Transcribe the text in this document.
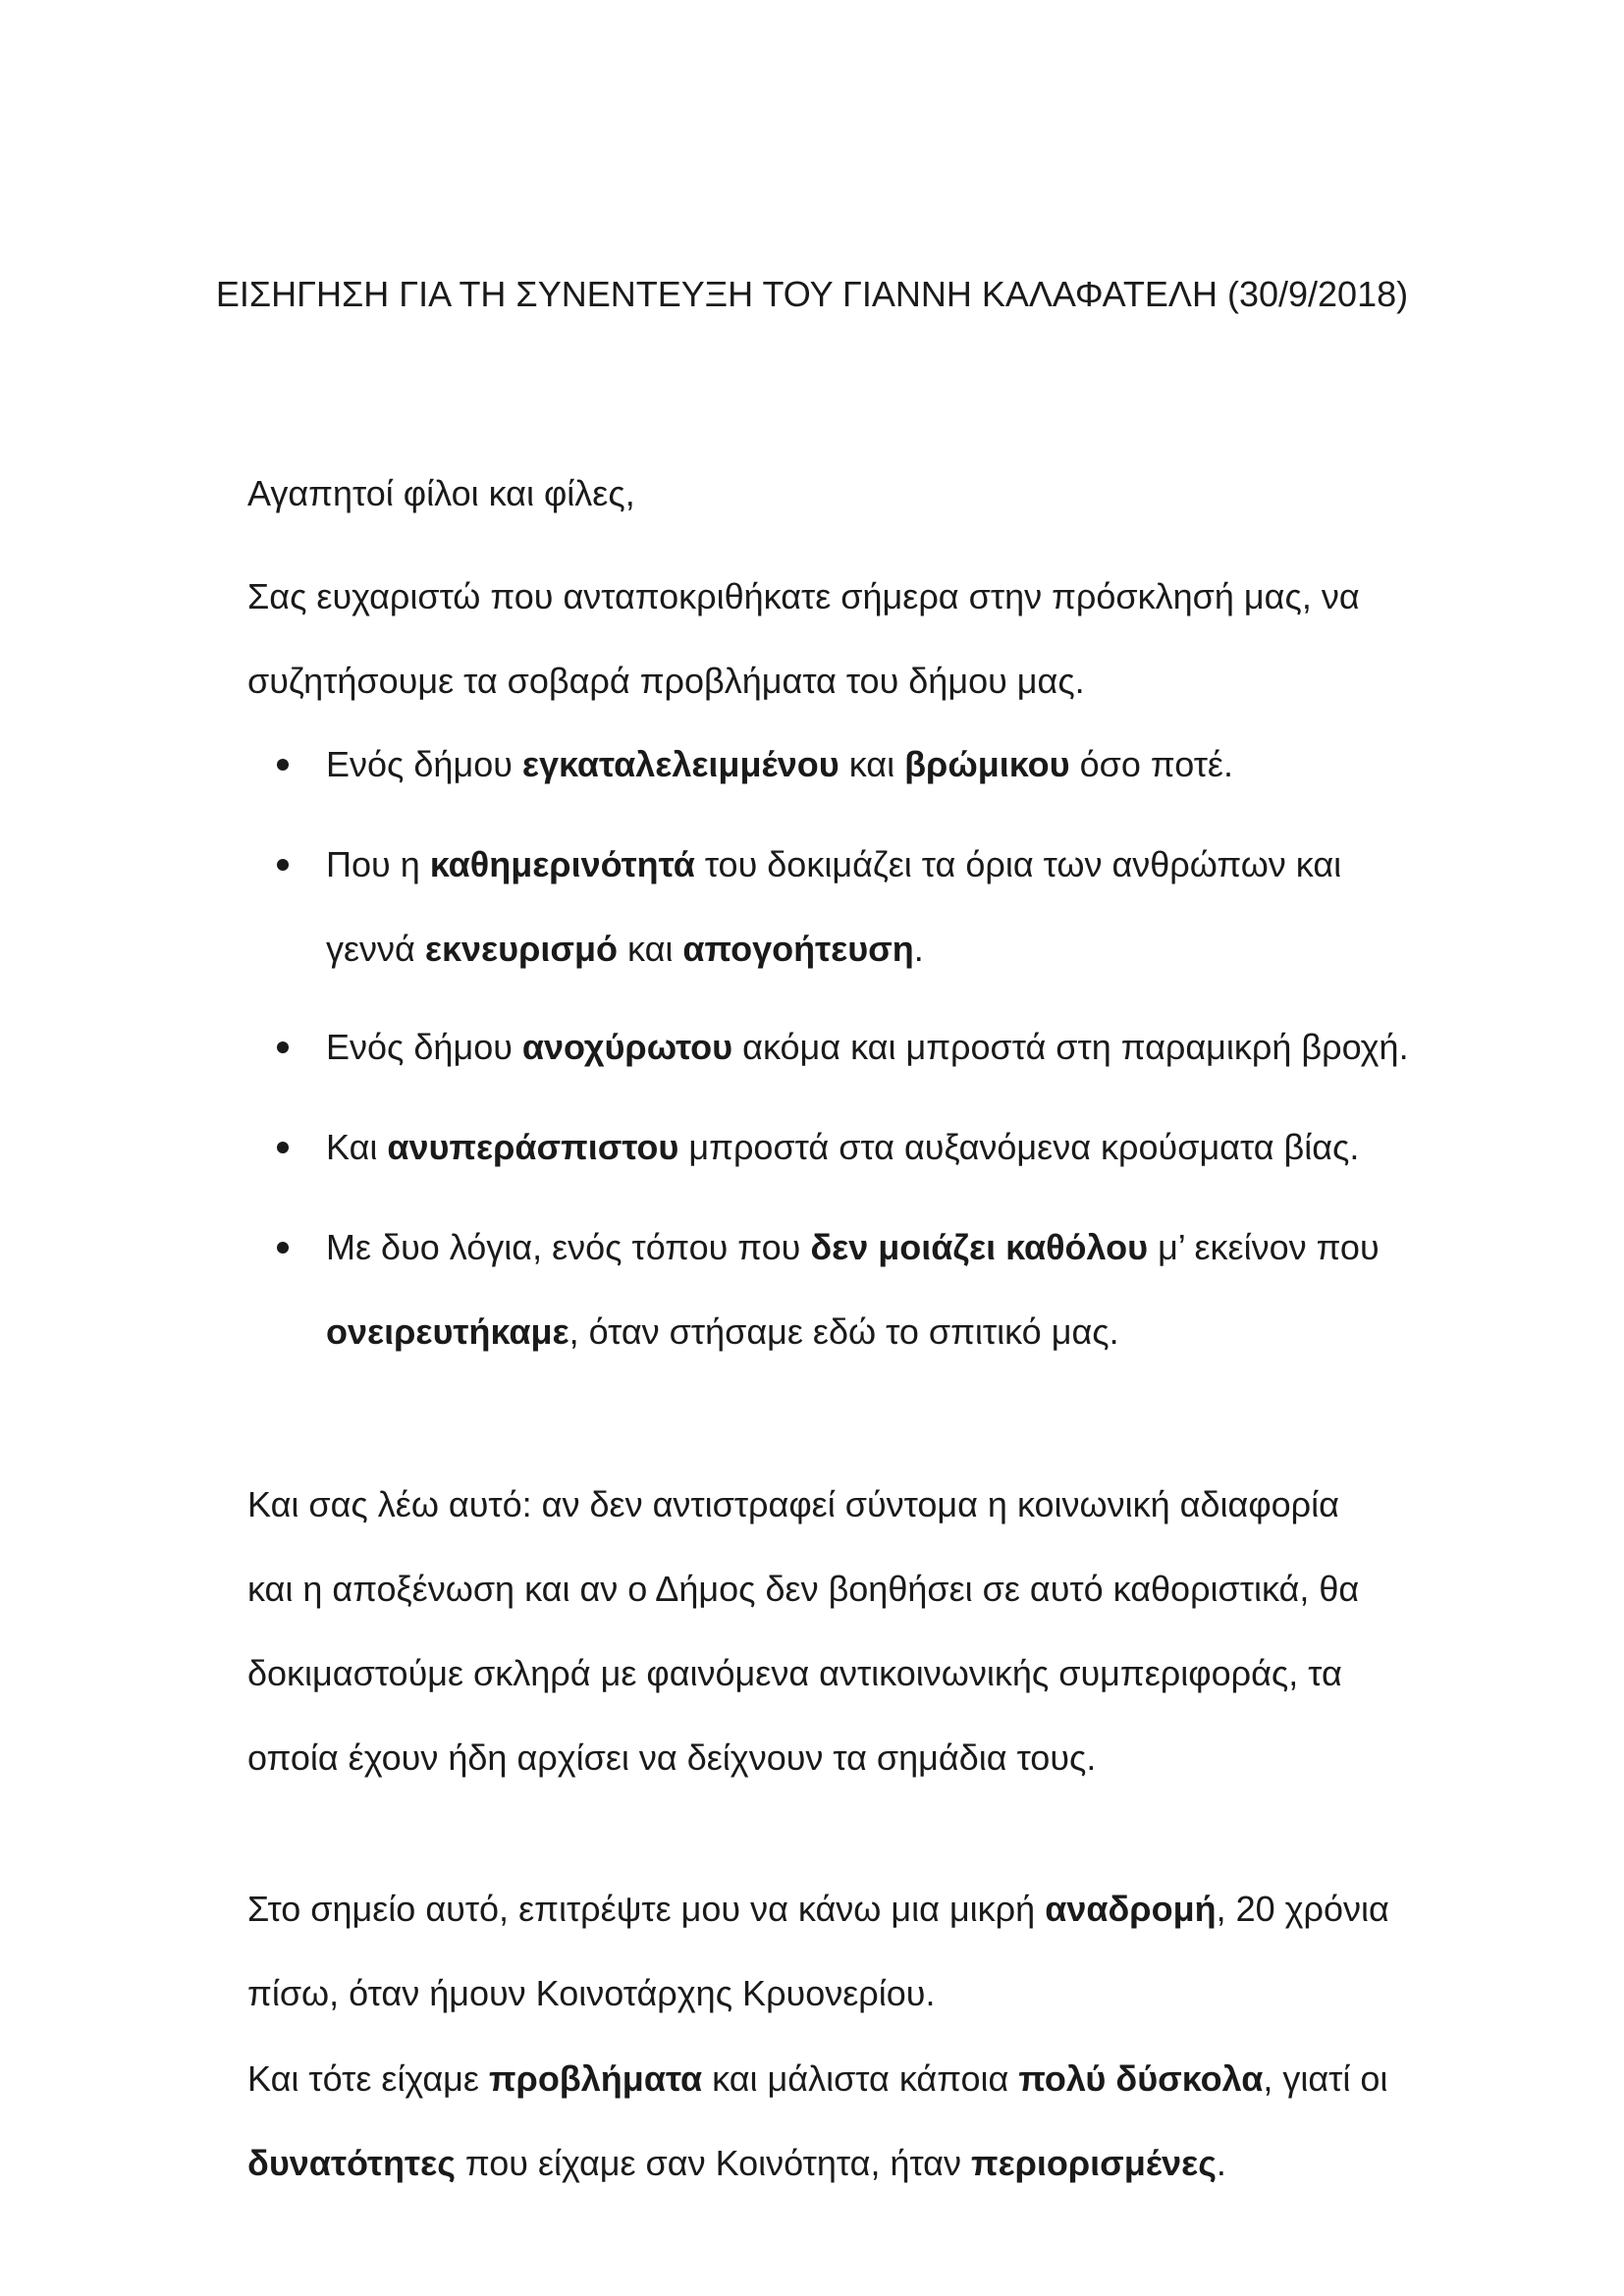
ΕΙΣΗΓΗΣΗ ΓΙΑ ΤΗ ΣΥΝΕΝΤΕΥΞΗ ΤΟΥ ΓΙΑΝΝΗ ΚΑΛΑΦΑΤΕΛΗ (30/9/2018)

Αγαπητοί φίλοι και φίλες,

Σας ευχαριστώ που ανταποκριθήκατε σήμερα στην πρόσκλησή μας, να
συζητήσουμε τα σοβαρά προβλήματα του δήμου μας.

Ενός δήμου εγκαταλελειμμένου και βρώμικου όσο ποτέ.

Που η καθημερινότητά του δοκιμάζει τα όρια των ανθρώπων και
γεννά εκνευρισμό και απογοήτευση.

Ενός δήμου ανοχύρωτου ακόμα και μπροστά στη παραμικρή βροχή.

Και ανυπεράσπιστου μπροστά στα αυξανόμενα κρούσματα βίας.

Με δυο λόγια, ενός τόπου που δεν μοιάζει καθόλου μ’ εκείνον που
ονειρευτήκαμε, όταν στήσαμε εδώ το σπιτικό μας.

Και σας λέω αυτό: αν δεν αντιστραφεί σύντομα η κοινωνική αδιαφορία
και η αποξένωση και αν ο Δήμος δεν βοηθήσει σε αυτό καθοριστικά, θα
δοκιμαστούμε σκληρά με φαινόμενα αντικοινωνικής συμπεριφοράς, τα
οποία έχουν ήδη αρχίσει να δείχνουν τα σημάδια τους.

Στο σημείο αυτό, επιτρέψτε μου να κάνω μια μικρή αναδρομή, 20 χρόνια
πίσω, όταν ήμουν Κοινοτάρχης Κρυονερίου.

Και τότε είχαμε προβλήματα και μάλιστα κάποια πολύ δύσκολα, γιατί οι
δυνατότητες που είχαμε σαν Κοινότητα, ήταν περιορισμένες.
